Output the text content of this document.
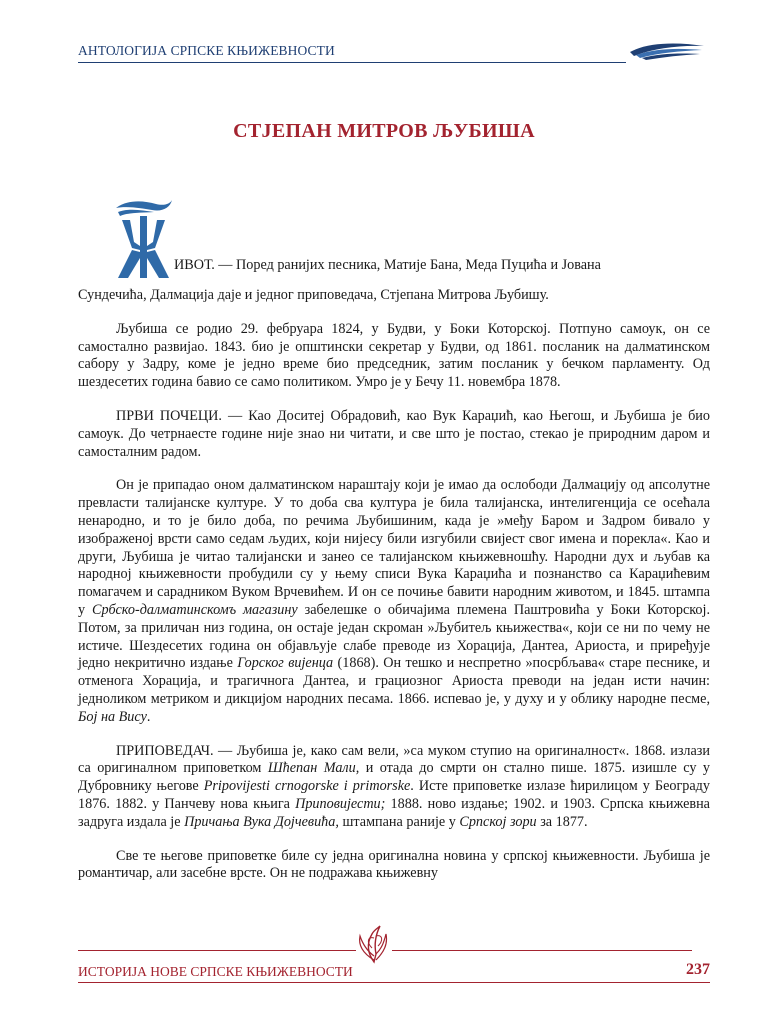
АНТОЛОГИЈА СРПСКЕ КЊИЖЕВНОСТИ
СТЈЕПАН МИТРОВ ЉУБИША

ИВОТ. — Поред ранијих песника, Матије Бана, Меда Пуцића и Јована
Сундечића, Далмација даје и једног приповедача, Стјепана Митрова Љубишу.

Љубиша се родио 29. фебруара 1824, у Будви, у Боки Которској. Потпуно самоук, он се самостално развијао. 1843. био је општински секретар у Будви, од 1861. посланик на далматинском сабору у Задру, коме је једно време био председник, затим посланик у бечком парламенту. Од шездесетих година бавио се само политиком. Умро је у Бечу 11. новембра 1878.

ПРВИ ПОЧЕЦИ. — Као Доситеј Обрадовић, као Вук Караџић, као Његош, и Љубиша је био самоук. До четрнаесте године није знао ни читати, и све што је постао, стекао је природним даром и самосталним радом.

Он је припадао оном далматинском нараштају који је имао да ослободи Далмацију од апсолутне превласти талијанске културе. У то доба сва култура је била талијанска, интелигенција се осећала ненародно, и то је било доба, по речима Љубишиним, када је »међу Баром и Задром бивало у изображеној врсти само седам људих, који нијесу били изгубили свијест свог имена и порекла«. Као и други, Љубиша је читао талијански и занео се талијанском књижевношћу. Народни дух и љубав ка народној књижевности пробудили су у њему списи Вука Караџића и познанство са Караџићевим помагачем и сарадником Вуком Врчевићем. И он се почиње бавити народним животом, и 1845. штампа у Србско-далматинскомъ магазину забелешке о обичајима племена Паштровића у Боки Которској. Потом, за приличан низ година, он остаје један скроман »Љубитељ књижества«, који се ни по чему не истиче. Шездесетих година он објављује слабе преводе из Хорација, Дантеа, Ариоста, и приређује једно некритично издање Горског вијенца (1868). Он тешко и неспретно »посрбљава« старе песнике, и отменога Хорација, и трагичнога Дантеа, и грациозног Ариоста преводи на један исти начин: једноликом метриком и дикцијом народних песама. 1866. испевао је, у духу и у облику народне песме, Бој на Вису.

ПРИПОВЕДАЧ. — Љубиша је, како сам вели, »са муком ступио на оригиналност«. 1868. излази са оригиналном приповетком Шћепан Мали, и отада до смрти он стално пише. 1875. изишле су у Дубровнику његове Pripovijesti crnogorske i primorske. Исте приповетке излазе ћирилицом у Београду 1876. 1882. у Панчеву нова књига Приповијести; 1888. ново издање; 1902. и 1903. Српска књижевна задруга издала је Причања Вука Дојчевића, штампана раније у Српској зори за 1877.

Све те његове приповетке биле су једна оригинална новина у српској књижевности. Љубиша је романтичар, али засебне врсте. Он не подражава књижевну

ИСТОРИЈА НОВЕ СРПСКЕ КЊИЖЕВНОСТИ	237
